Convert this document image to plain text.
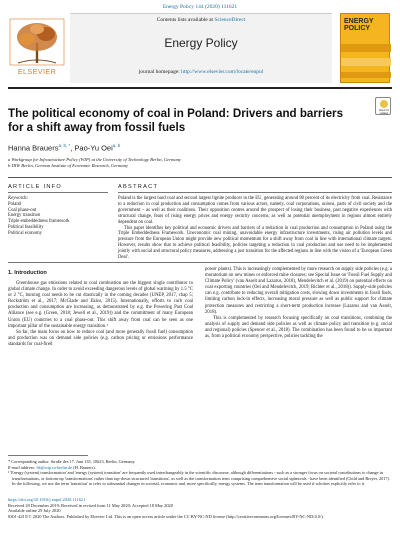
Energy Policy 144 (2020) 111621
ELSEVIER
Contents lists available at ScienceDirect
Energy Policy
journal homepage: http://www.elsevier.com/locate/enpol
ENERGY
POLICY
Check for updates
The political economy of coal in Poland: Drivers and barriers for a shift away from fossil fuels
Hanna Brauers$^{a, b, *}$, Pao-Yu Oei$^{a, b}$
a Workgroup for Infrastructure Policy (WIP) at the University of Technology Berlin, Germany
b DIW Berlin, German Institute of Economic Research, Germany
ARTICLE INFO	ABSTRACT
Keywords:
Poland
Coal phase-out
Energy transition
Triple embeddedness framework
Political feasibility
Political economy

Poland is the largest hard coal and second largest lignite producer in the EU, generating around 80 percent of its electricity from coal. Resistance to a reduction in coal production and consumption comes from various actors, namely, coal corporations, unions, parts of civil society and the government – as well as their coalitions. Their opposition centres around the prospect of losing their business, past negative experiences with structural change, fears of rising energy prices and energy security concerns, as well as potential unemployment in regions almost entirely dependent on coal.

This paper identifies key political and economic drivers and barriers of a reduction in coal production and consumption in Poland using the Triple Embeddedness Framework. Uneconomic coal mining, unavoidable energy infrastructure investments, rising air pollution levels and pressure from the European Union might provide new political momentum for a shift away from coal in line with international climate targets. However, results show that to achieve political feasibility, policies targeting a reduction in coal production and use need to be implemented jointly with social and structural policy measures, addressing a just transition for the affected regions in line with the vision of a 'European Green Deal'.

1. Introduction

Greenhouse gas emissions related to coal combustion are the biggest single contributor to global climate change. In order to avoid exceeding dangerous levels of global warming by 1.5 °C or 2 °C, burning coal needs to be cut drastically in the coming decades (UNEP, 2017, chap 5; Rockström et al., 2017; McGlade and Ekins, 2015). Internationally, efforts to curb coal production and consumption are increasing, as demonstrated by e.g. the Powering Past Coal Alliance (see e.g. (Green, 2018; Jewell et al., 2019)) and the commitment of many European Union (EU) countries to a coal phase-out. This shift away from coal can be seen as one important pillar of the sustainable energy transition.¹

So far, the main focus on how to reduce coal (and more generally fossil fuel) consumption and production was on demand side policies (e.g. carbon pricing or emissions performance standards for coal-fired

power plants). This is increasingly complemented by more research on supply side policies (e.g. a moratorium on new mines or enforced mine closures; see Special Issue on 'Fossil Fuel Supply and Climate Policy' (van Asselt and Lazarus, 2018), Mendelevitch et al. (2019) on potential effects on coal exporting countries (Oei and Mendelevitch, 2019; Richter et al., 2018)). Supply-side policies can e.g. contribute to reducing overall mitigation costs, slowing down investments in fossil fuels, limiting carbon lock-in effects, increasing moral pressure as well as public support for climate protection measures and restricting a short-term production increase (Lazarus and van Asselt, 2018).

This is complemented by research focusing specifically on coal transitions, combining the analysis of supply and demand side policies as well as climate policy and transition (e.g. social and regional) policies (Spencer et al., 2018). The combination has been found to be so important as, from a political economy perspective, policies tackling the

* Corresponding author. Straße des 17. Juni 135, 10623, Berlin, Germany.
E-mail address: hb@wip.tu-berlin.de (H. Brauers).
¹ 'Energy (system) transformation' and 'energy (system) transition' are frequently used interchangeably in the scientific discourse, although differentiations - such as a stronger focus on societal contributions to change in transformations, or bottom-up 'transformations' rather than top-down structured 'transitions', as well as the transformation term comprising comprehensive social upheavals - have been identified (Child and Breyer, 2017). In the following, we use the term 'transition' to refer to substantial changes in societal, economic and, more specifically, energy systems. The term transformation will be used if scholars explicitly refer to it.
https://doi.org/10.1016/j.enpol.2020.111621
Received 20 December 2019; Received in revised form 11 May 2020; Accepted 18 May 2020
Available online 29 July 2020
0301-4215/© 2020 The Authors. Published by Elsevier Ltd. This is an open access article under the CC BY-NC-ND license (http://creativecommons.org/licenses/BY-NC-ND/4.0/).
